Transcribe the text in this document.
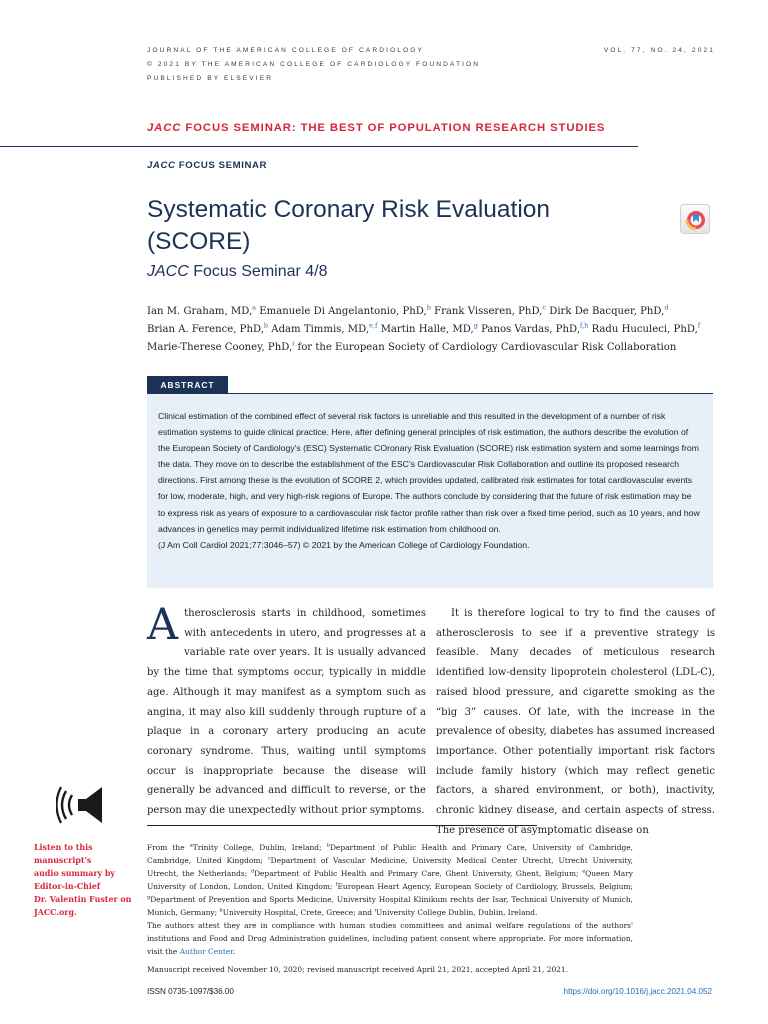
JOURNAL OF THE AMERICAN COLLEGE OF CARDIOLOGY
© 2021 BY THE AMERICAN COLLEGE OF CARDIOLOGY FOUNDATION
PUBLISHED BY ELSEVIER
VOL. 77, NO. 24, 2021
JACC FOCUS SEMINAR: THE BEST OF POPULATION RESEARCH STUDIES
JACC FOCUS SEMINAR
Systematic Coronary Risk Evaluation (SCORE)
JACC Focus Seminar 4/8
Ian M. Graham, MD,$^a$ Emanuele Di Angelantonio, PhD,$^b$ Frank Visseren, PhD,$^c$ Dirk De Bacquer, PhD,$^d$
Brian A. Ference, PhD,$^b$ Adam Timmis, MD,$^{e,f}$ Martin Halle, MD,$^g$ Panos Vardas, PhD,$^{f,h}$ Radu Huculeci, PhD,$^f$
Marie-Therese Cooney, PhD,$^i$ for the European Society of Cardiology Cardiovascular Risk Collaboration
ABSTRACT
Clinical estimation of the combined effect of several risk factors is unreliable and this resulted in the development of a number of risk estimation systems to guide clinical practice. Here, after defining general principles of risk estimation, the authors describe the evolution of the European Society of Cardiology's (ESC) Systematic COronary Risk Evaluation (SCORE) risk estimation system and some learnings from the data. They move on to describe the establishment of the ESC's Cardiovascular Risk Collaboration and outline its proposed research directions. First among these is the evolution of SCORE 2, which provides updated, calibrated risk estimates for total cardiovascular events for low, moderate, high, and very high-risk regions of Europe. The authors conclude by considering that the future of risk estimation may be to express risk as years of exposure to a cardiovascular risk factor profile rather than risk over a fixed time period, such as 10 years, and how advances in genetics may permit individualized lifetime risk estimation from childhood on.
(J Am Coll Cardiol 2021;77:3046–57) © 2021 by the American College of Cardiology Foundation.
Atherosclerosis starts in childhood, sometimes with antecedents in utero, and progresses at a variable rate over years. It is usually advanced by the time that symptoms occur, typically in middle age. Although it may manifest as a symptom such as angina, it may also kill suddenly through rupture of a plaque in a coronary artery producing an acute coronary syndrome. Thus, waiting until symptoms occur is inappropriate because the disease will generally be advanced and difficult to reverse, or the person may die unexpectedly without prior symptoms.
It is therefore logical to try to find the causes of atherosclerosis to see if a preventive strategy is feasible. Many decades of meticulous research identified low-density lipoprotein cholesterol (LDL-C), raised blood pressure, and cigarette smoking as the “big 3” causes. Of late, with the increase in the prevalence of obesity, diabetes has assumed increased importance. Other potentially important risk factors include family history (which may reflect genetic factors, a shared environment, or both), inactivity, chronic kidney disease, and certain aspects of stress. The presence of asymptomatic disease on
Listen to this manuscript's
audio summary by
Editor-in-Chief
Dr. Valentin Fuster on
JACC.org.
From the $^a$Trinity College, Dublin, Ireland; $^b$Department of Public Health and Primary Care, University of Cambridge, Cambridge, United Kingdom; $^c$Department of Vascular Medicine, University Medical Center Utrecht, Utrecht University, Utrecht, the Netherlands; $^d$Department of Public Health and Primary Care, Ghent University, Ghent, Belgium; $^e$Queen Mary University of London, London, United Kingdom; $^f$European Heart Agency, European Society of Cardiology, Brussels, Belgium; $^g$Department of Prevention and Sports Medicine, University Hospital Klinikum rechts der Isar, Technical University of Munich, Munich, Germany; $^h$University Hospital, Crete, Greece; and $^i$University College Dublin, Dublin, Ireland.
The authors attest they are in compliance with human studies committees and animal welfare regulations of the authors' institutions and Food and Drug Administration guidelines, including patient consent where appropriate. For more information, visit the Author Center.
Manuscript received November 10, 2020; revised manuscript received April 21, 2021, accepted April 21, 2021.
ISSN 0735-1097/$36.00	https://doi.org/10.1016/j.jacc.2021.04.052
